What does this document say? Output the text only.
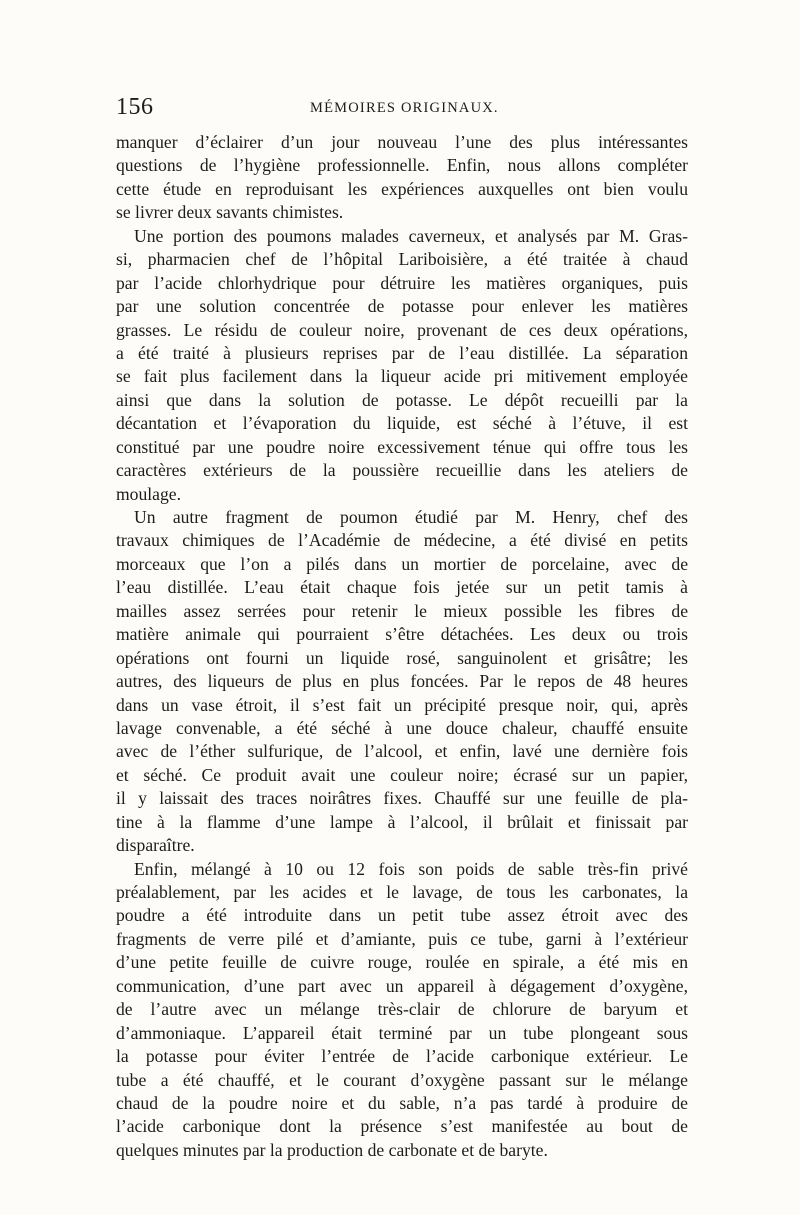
156	MÉMOIRES ORIGINAUX.

manquer d’éclairer d’un jour nouveau l’une des plus intéressantes
questions de l’hygiène professionnelle. Enfin, nous allons compléter
cette étude en reproduisant les expériences auxquelles ont bien voulu
se livrer deux savants chimistes.

Une portion des poumons malades caverneux, et analysés par M. Gras-
si, pharmacien chef de l’hôpital Lariboisière, a été traitée à chaud
par l’acide chlorhydrique pour détruire les matières organiques, puis
par une solution concentrée de potasse pour enlever les matières
grasses. Le résidu de couleur noire, provenant de ces deux opérations,
a été traité à plusieurs reprises par de l’eau distillée. La séparation
se fait plus facilement dans la liqueur acide pri mitivement employée
ainsi que dans la solution de potasse. Le dépôt recueilli par la
décantation et l’évaporation du liquide, est séché à l’étuve, il est
constitué par une poudre noire excessivement ténue qui offre tous les
caractères extérieurs de la poussière recueillie dans les ateliers de
moulage.

Un autre fragment de poumon étudié par M. Henry, chef des
travaux chimiques de l’Académie de médecine, a été divisé en petits
morceaux que l’on a pilés dans un mortier de porcelaine, avec de
l’eau distillée. L’eau était chaque fois jetée sur un petit tamis à
mailles assez serrées pour retenir le mieux possible les fibres de
matière animale qui pourraient s’être détachées. Les deux ou trois
opérations ont fourni un liquide rosé, sanguinolent et grisâtre; les
autres, des liqueurs de plus en plus foncées. Par le repos de 48 heures
dans un vase étroit, il s’est fait un précipité presque noir, qui, après
lavage convenable, a été séché à une douce chaleur, chauffé ensuite
avec de l’éther sulfurique, de l’alcool, et enfin, lavé une dernière fois
et séché. Ce produit avait une couleur noire; écrasé sur un papier,
il y laissait des traces noirâtres fixes. Chauffé sur une feuille de pla-
tine à la flamme d’une lampe à l’alcool, il brûlait et finissait par
disparaître.

Enfin, mélangé à 10 ou 12 fois son poids de sable très-fin privé
préalablement, par les acides et le lavage, de tous les carbonates, la
poudre a été introduite dans un petit tube assez étroit avec des
fragments de verre pilé et d’amiante, puis ce tube, garni à l’extérieur
d’une petite feuille de cuivre rouge, roulée en spirale, a été mis en
communication, d’une part avec un appareil à dégagement d’oxygène,
de l’autre avec un mélange très-clair de chlorure de baryum et
d’ammoniaque. L’appareil était terminé par un tube plongeant sous
la potasse pour éviter l’entrée de l’acide carbonique extérieur. Le
tube a été chauffé, et le courant d’oxygène passant sur le mélange
chaud de la poudre noire et du sable, n’a pas tardé à produire de
l’acide carbonique dont la présence s’est manifestée au bout de
quelques minutes par la production de carbonate et de baryte.
